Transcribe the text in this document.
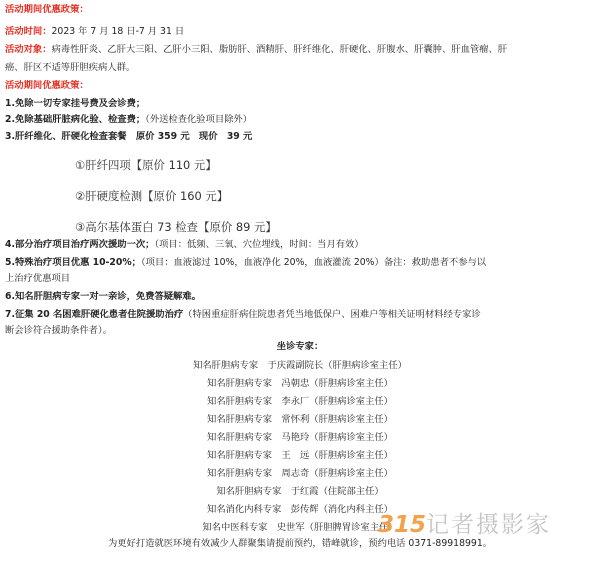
活动期间优惠政策：
活动时间：2023 年 7 月 18 日-7 月 31 日
活动对象：病毒性肝炎、乙肝大三阳、乙肝小三阳、脂肪肝、酒精肝、肝纤维化、肝硬化、肝腹水、肝囊肿、肝血管瘤、肝
癌、肝区不适等肝胆疾病人群。
活动期间优惠政策：
1.免除一切专家挂号费及会诊费；
2.免除基础肝脏病化验、检查费；（外送检查化验项目除外）
3.肝纤维化、肝硬化检查套餐　原价 359 元　现价　39 元
①肝纤四项【原价 110 元】
②肝硬度检测【原价 160 元】
③高尔基体蛋白 73 检查【原价 89 元】
4.部分治疗项目治疗两次援助一次；（项目：低频、三氧、穴位埋线，时间：当月有效）
5.特殊治疗项目优惠 10-20%；（项目：血液滤过 10%，血液净化 20%，血液灌流 20%）备注：救助患者不参与以
上治疗优惠项目
6.知名肝胆病专家一对一亲诊，免费答疑解难。
7.征集 20 名困难肝硬化患者住院援助治疗（特困重症肝病住院患者凭当地低保户、困难户等相关证明材料经专家诊
断会诊符合援助条件者）。
坐诊专家：
知名肝胆病专家　于庆霞副院长（肝胆病诊室主任）
知名肝胆病专家　冯朝忠（肝胆病诊室主任）
知名肝胆病专家　李永厂（肝胆病诊室主任）
知名肝胆病专家　常怀利（肝胆病诊室主任）
知名肝胆病专家　马艳玲（肝胆病诊室主任）
知名肝胆病专家　王　远（肝胆病诊室主任）
知名肝胆病专家　周志奇（肝胆病诊室主任）
知名肝胆病专家　于红霞（住院部主任）
知名消化内科专家　彭传辉（消化内科主任）
知名中医科专家　史世军（肝胆脾胃诊室主任）
315记者摄影家
为更好打造就医环境有效减少人群聚集请提前预约，错峰就诊，预约电话 0371-89918991。
